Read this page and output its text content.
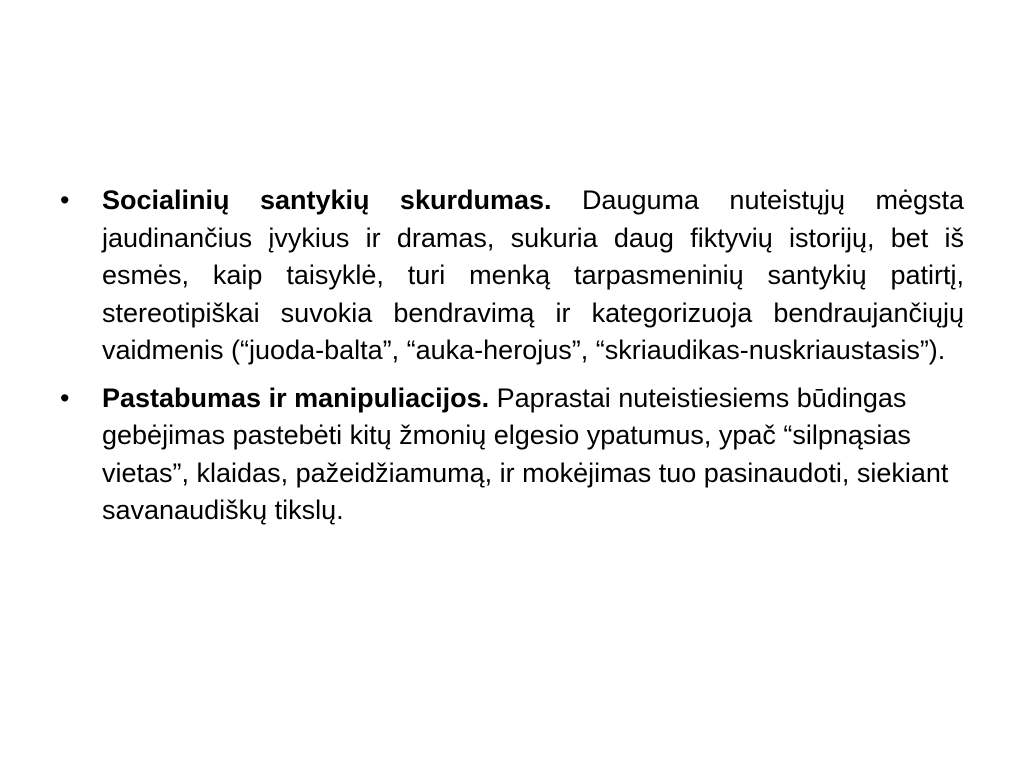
•	Socialinių santykių skurdumas. Dauguma nuteistųjų mėgsta jaudinančius įvykius ir dramas, sukuria daug fiktyvių istorijų, bet iš esmės, kaip taisyklė, turi menką tarpasmeninių santykių patirtį, stereotipiškai suvokia bendravimą ir kategorizuoja bendraujančiųjų vaidmenis (“juoda-balta”, “auka-herojus”, “skriaudikas-nuskriaustasis”).
•	Pastabumas ir manipuliacijos. Paprastai nuteistiesiems būdingas gebėjimas pastebėti kitų žmonių elgesio ypatumus, ypač “silpnąsias vietas”, klaidas, pažeidžiamumą, ir mokėjimas tuo pasinaudoti, siekiant savanaudiškų tikslų.
